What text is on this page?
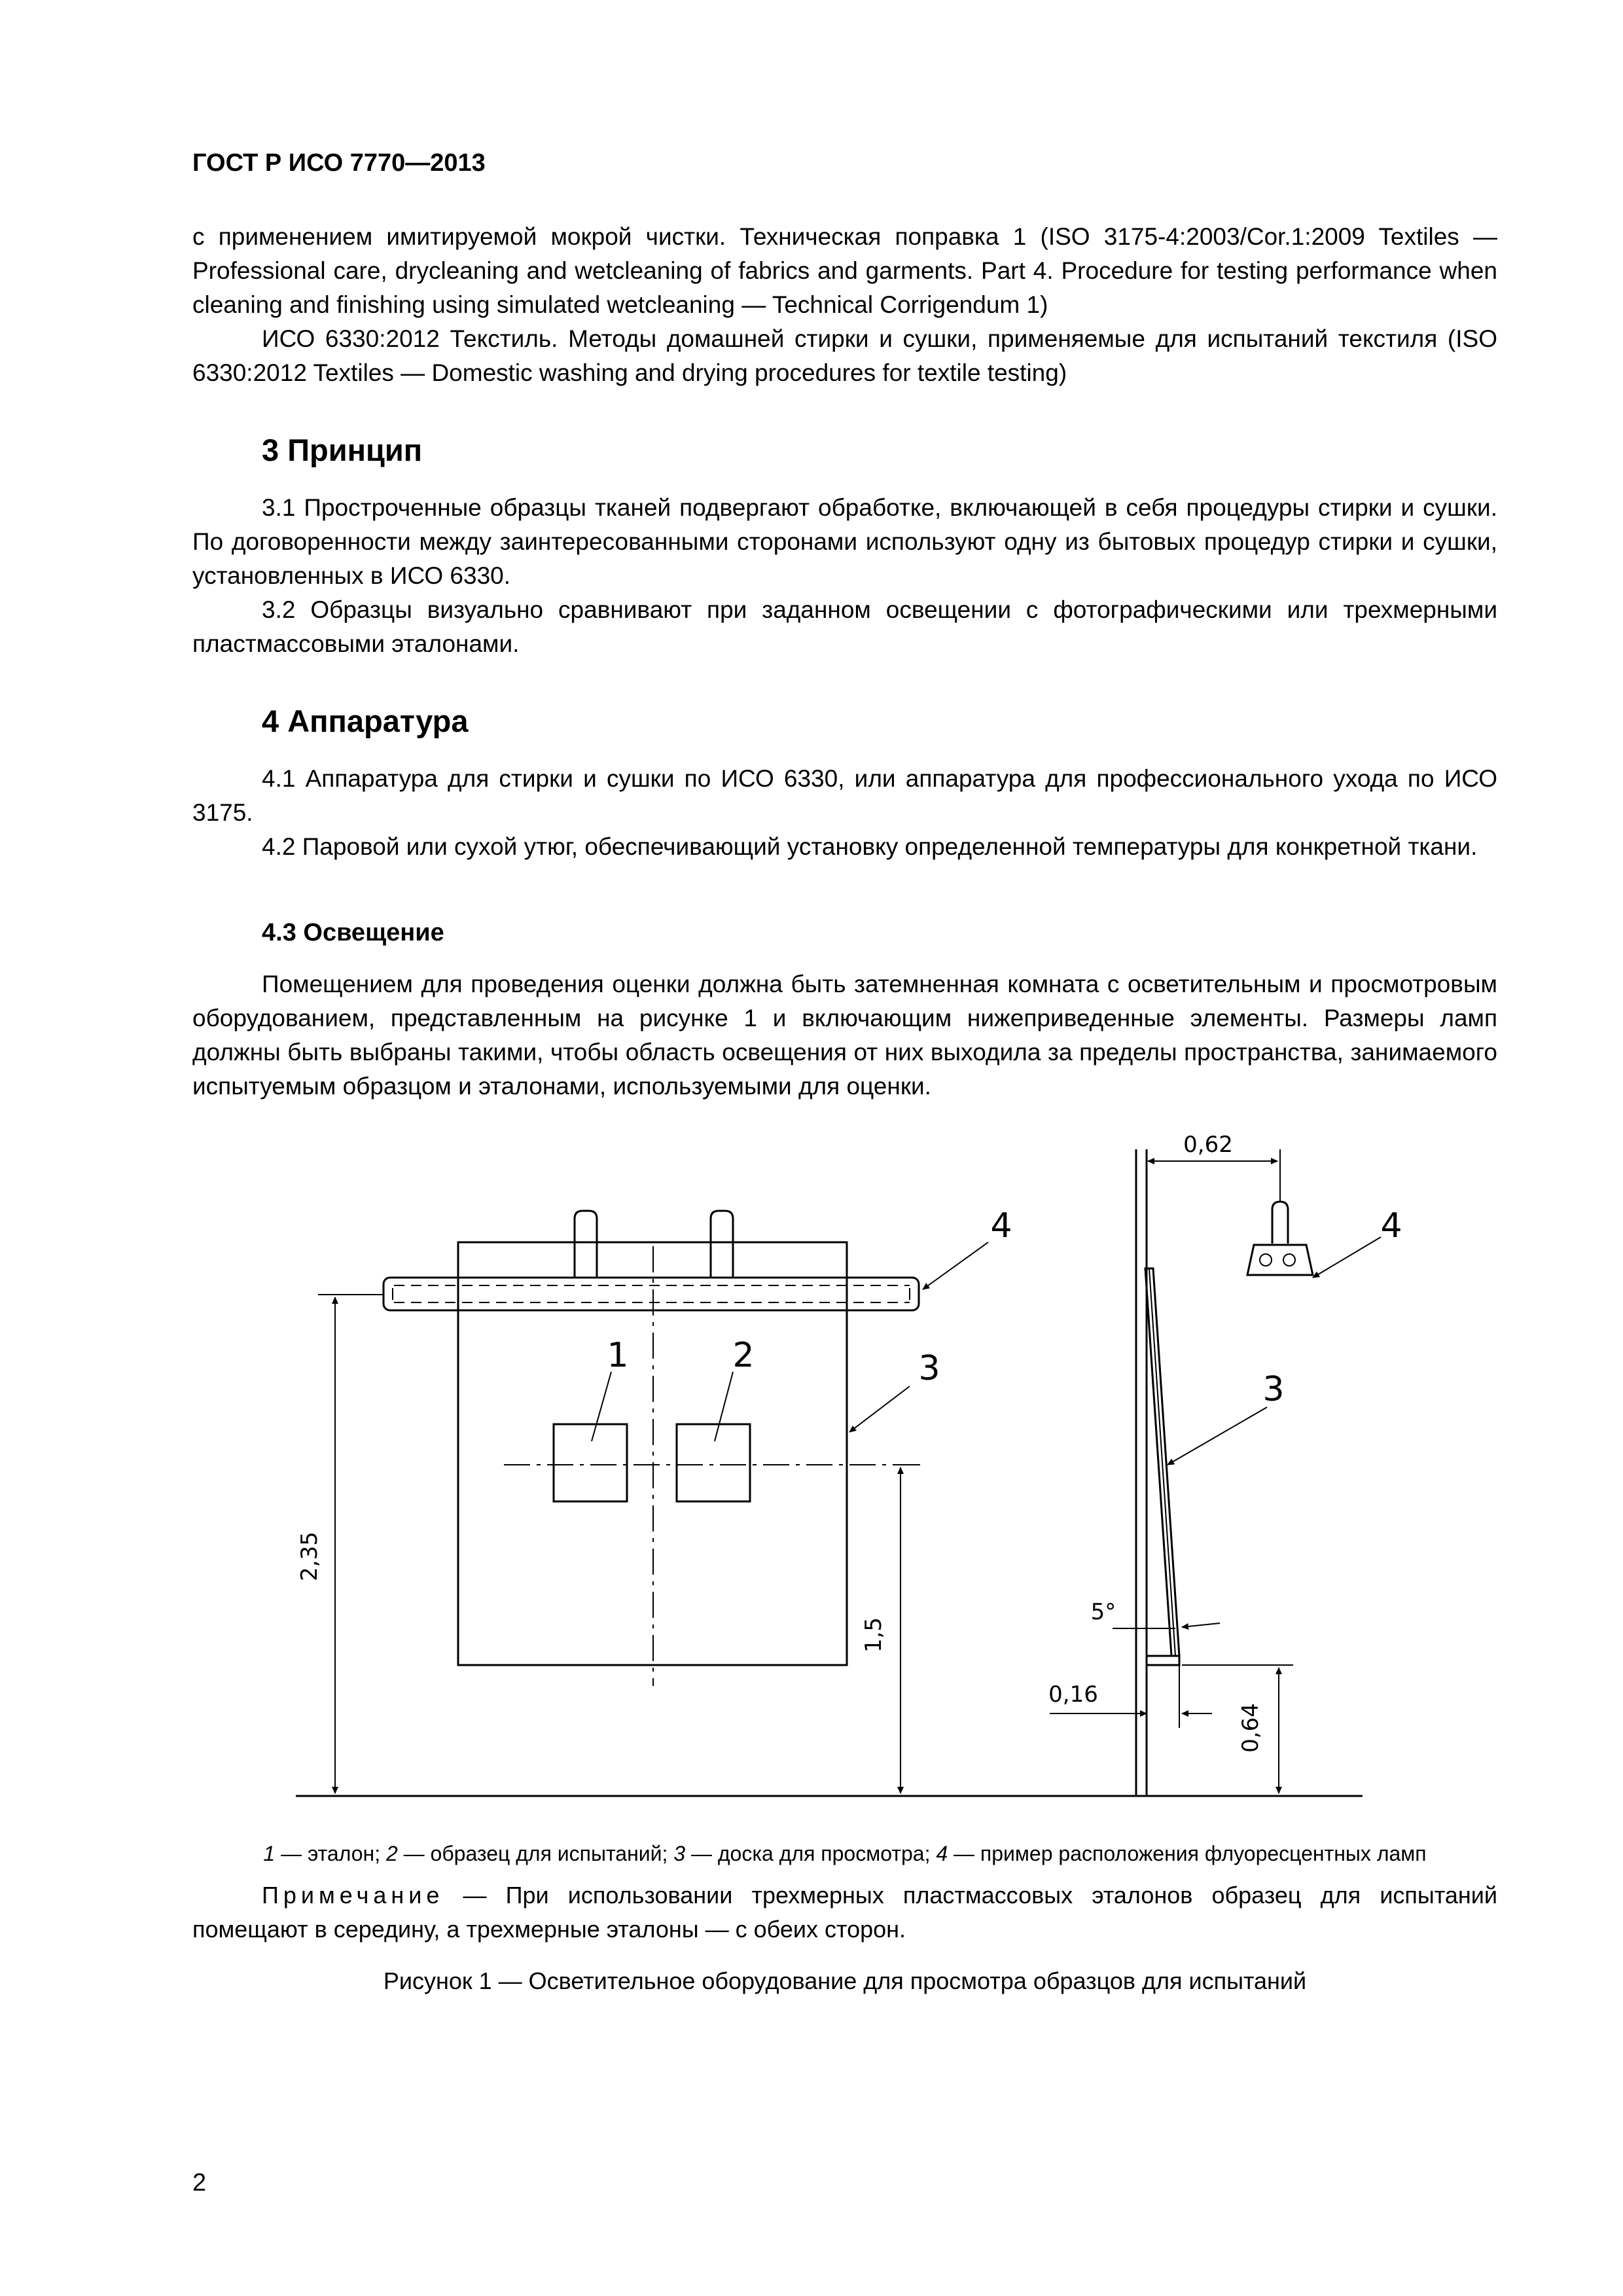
ГОСТ Р ИСО 7770—2013

с применением имитируемой мокрой чистки. Техническая поправка 1 (ISO 3175-4:2003/Cor.1:2009 Textiles — Professional care, drycleaning and wetcleaning of fabrics and garments. Part 4. Procedure for testing performance when cleaning and finishing using simulated wetcleaning — Technical Corrigendum 1)

ИСО 6330:2012 Текстиль. Методы домашней стирки и сушки, применяемые для испытаний текстиля (ISO 6330:2012 Textiles — Domestic washing and drying procedures for textile testing)

3 Принцип

3.1 Простроченные образцы тканей подвергают обработке, включающей в себя процедуры стирки и сушки. По договоренности между заинтересованными сторонами используют одну из бытовых процедур стирки и сушки, установленных в ИСО 6330.

3.2 Образцы визуально сравнивают при заданном освещении с фотографическими или трехмерными пластмассовыми эталонами.

4 Аппаратура

4.1 Аппаратура для стирки и сушки по ИСО 6330, или аппаратура для профессионального ухода по ИСО 3175.

4.2 Паровой или сухой утюг, обеспечивающий установку определенной температуры для конкретной ткани.

4.3 Освещение

Помещением для проведения оценки должна быть затемненная комната с осветительным и просмотровым оборудованием, представленным на рисунке 1 и включающим нижеприведенные элементы. Размеры ламп должны быть выбраны такими, чтобы область освещения от них выходила за пределы пространства, занимаемого испытуемым образцом и эталонами, используемыми для оценки.

1	2	3
4
3
4
0,62
5°
0,16
2,35
1,5
0,64
1 — эталон; 2 — образец для испытаний; 3 — доска для просмотра; 4 — пример расположения флуоресцентных ламп
Примечание — При использовании трехмерных пластмассовых эталонов образец для испытаний помещают в середину, а трехмерные эталоны — с обеих сторон.
Рисунок 1 — Осветительное оборудование для просмотра образцов для испытаний
2
